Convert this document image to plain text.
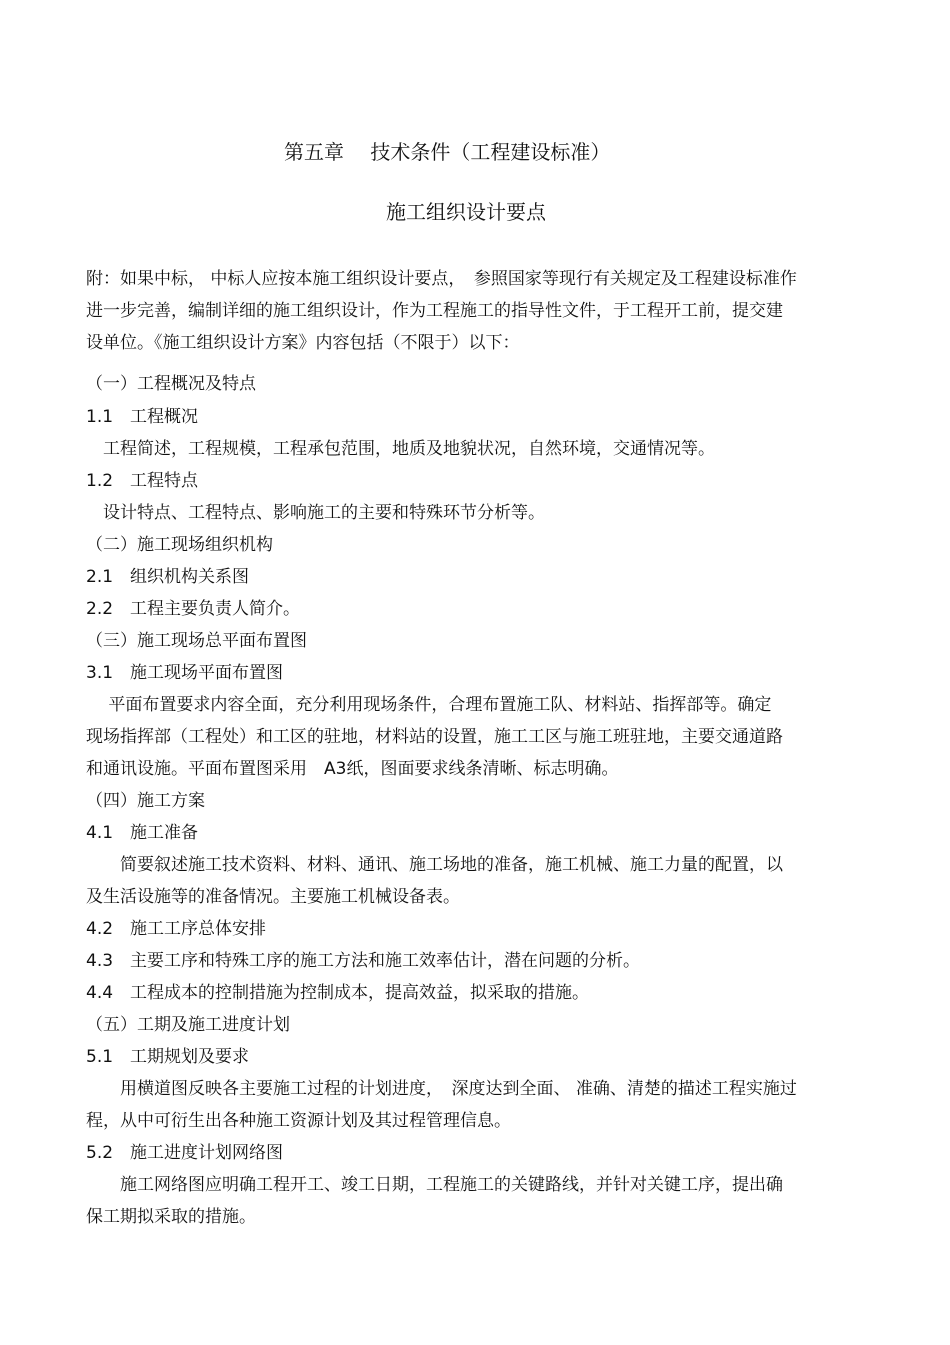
第五章　 技术条件（工程建设标准）
施工组织设计要点
附：如果中标， 中标人应按本施工组织设计要点，　参照国家等现行有关规定及工程建设标准作
进一步完善，编制详细的施工组织设计，作为工程施工的指导性文件，于工程开工前，提交建
设单位。《施工组织设计方案》内容包括（不限于）以下：
（一）工程概况及特点
1.1　工程概况
　工程简述，工程规模，工程承包范围，地质及地貌状况，自然环境，交通情况等。
1.2　工程特点
　设计特点、工程特点、影响施工的主要和特殊环节分析等。
（二）施工现场组织机构
2.1　组织机构关系图
2.2　工程主要负责人简介。
（三）施工现场总平面布置图
3.1　施工现场平面布置图
　 平面布置要求内容全面，充分利用现场条件，合理布置施工队、材料站、指挥部等。确定
现场指挥部（工程处）和工区的驻地，材料站的设置，施工工区与施工班驻地，主要交通道路
和通讯设施。平面布置图采用　A3纸，图面要求线条清晰、标志明确。
（四）施工方案
4.1　施工准备
　　简要叙述施工技术资料、材料、通讯、施工场地的准备，施工机械、施工力量的配置，以
及生活设施等的准备情况。主要施工机械设备表。
4.2　施工工序总体安排
4.3　主要工序和特殊工序的施工方法和施工效率估计，潜在问题的分析。
4.4　工程成本的控制措施为控制成本，提高效益，拟采取的措施。
（五）工期及施工进度计划
5.1　工期规划及要求
　　用横道图反映各主要施工过程的计划进度，　深度达到全面、 准确、清楚的描述工程实施过
程，从中可衍生出各种施工资源计划及其过程管理信息。
5.2　施工进度计划网络图
　　施工网络图应明确工程开工、竣工日期，工程施工的关键路线，并针对关键工序，提出确
保工期拟采取的措施。
